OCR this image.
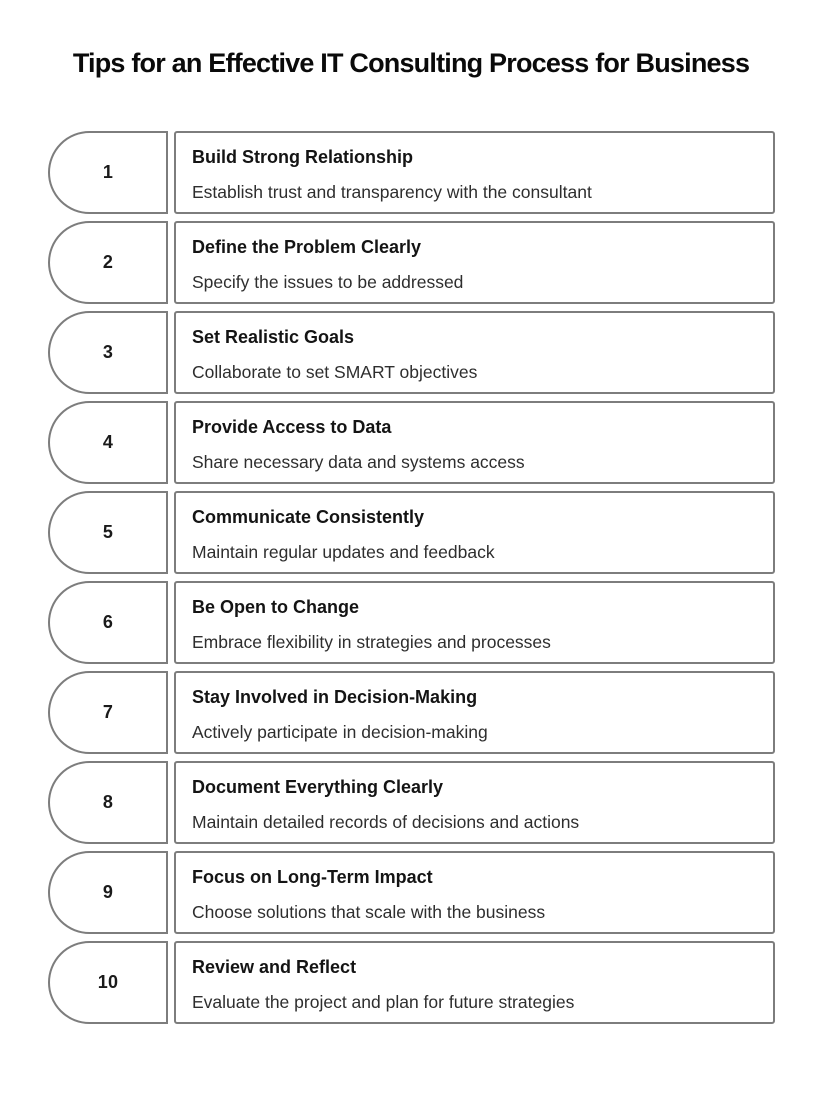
Tips for an Effective IT Consulting Process for Business
1
Build Strong Relationship
Establish trust and transparency with the consultant
2
Define the Problem Clearly
Specify the issues to be addressed
3
Set Realistic Goals
Collaborate to set SMART objectives
4
Provide Access to Data
Share necessary data and systems access
5
Communicate Consistently
Maintain regular updates and feedback
6
Be Open to Change
Embrace flexibility in strategies and processes
7
Stay Involved in Decision-Making
Actively participate in decision-making
8
Document Everything Clearly
Maintain detailed records of decisions and actions
9
Focus on Long-Term Impact
Choose solutions that scale with the business
10
Review and Reflect
Evaluate the project and plan for future strategies
